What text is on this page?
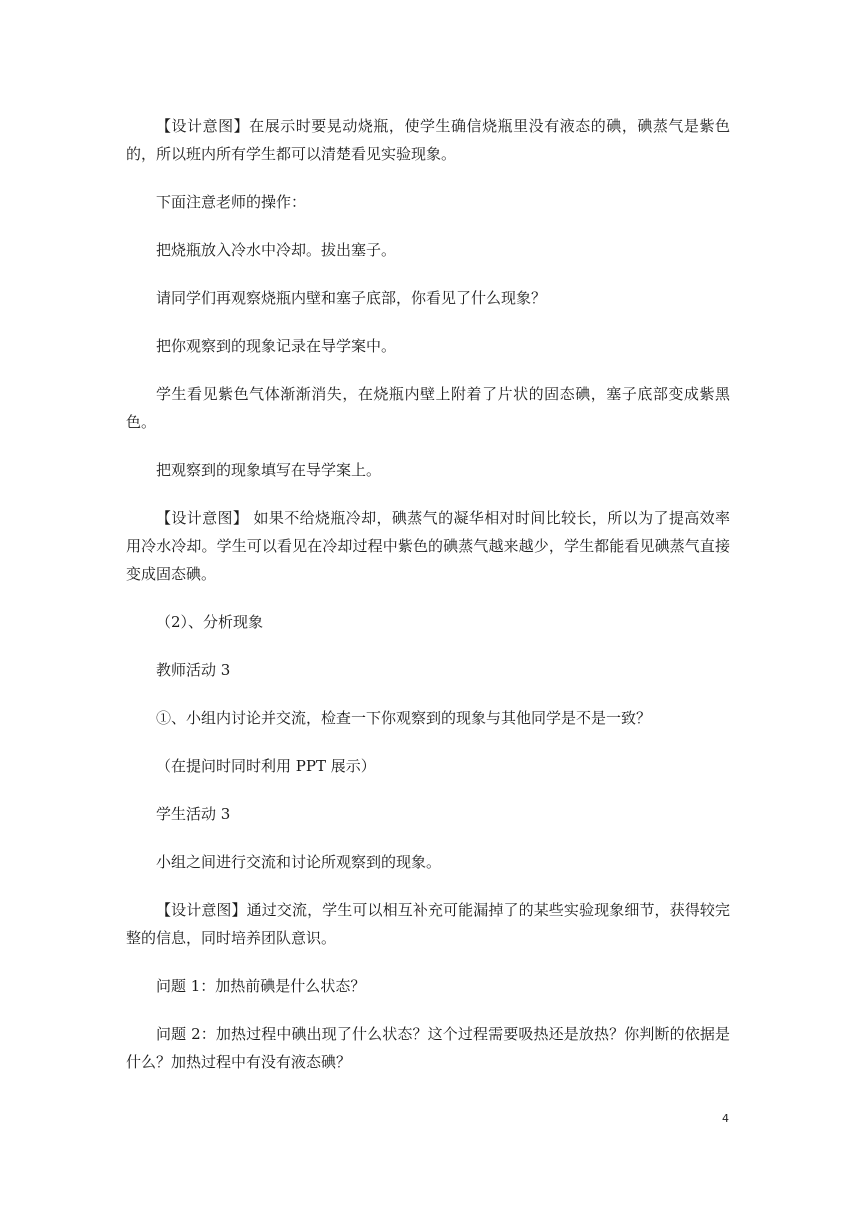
【设计意图】在展示时要晃动烧瓶，使学生确信烧瓶里没有液态的碘，碘蒸气是紫色的，所以班内所有学生都可以清楚看见实验现象。

下面注意老师的操作：

把烧瓶放入冷水中冷却。拔出塞子。

请同学们再观察烧瓶内壁和塞子底部，你看见了什么现象？

把你观察到的现象记录在导学案中。

学生看见紫色气体渐渐消失，在烧瓶内壁上附着了片状的固态碘，塞子底部变成紫黑色。

把观察到的现象填写在导学案上。

【设计意图】 如果不给烧瓶冷却，碘蒸气的凝华相对时间比较长，所以为了提高效率用冷水冷却。学生可以看见在冷却过程中紫色的碘蒸气越来越少，学生都能看见碘蒸气直接变成固态碘。

（2）、分析现象

教师活动 3

①、小组内讨论并交流，检查一下你观察到的现象与其他同学是不是一致？

（在提问时同时利用 PPT 展示）

学生活动 3

小组之间进行交流和讨论所观察到的现象。

【设计意图】通过交流，学生可以相互补充可能漏掉了的某些实验现象细节，获得较完整的信息，同时培养团队意识。

问题 1：加热前碘是什么状态？

问题 2：加热过程中碘出现了什么状态？这个过程需要吸热还是放热？你判断的依据是什么？加热过程中有没有液态碘？

4
